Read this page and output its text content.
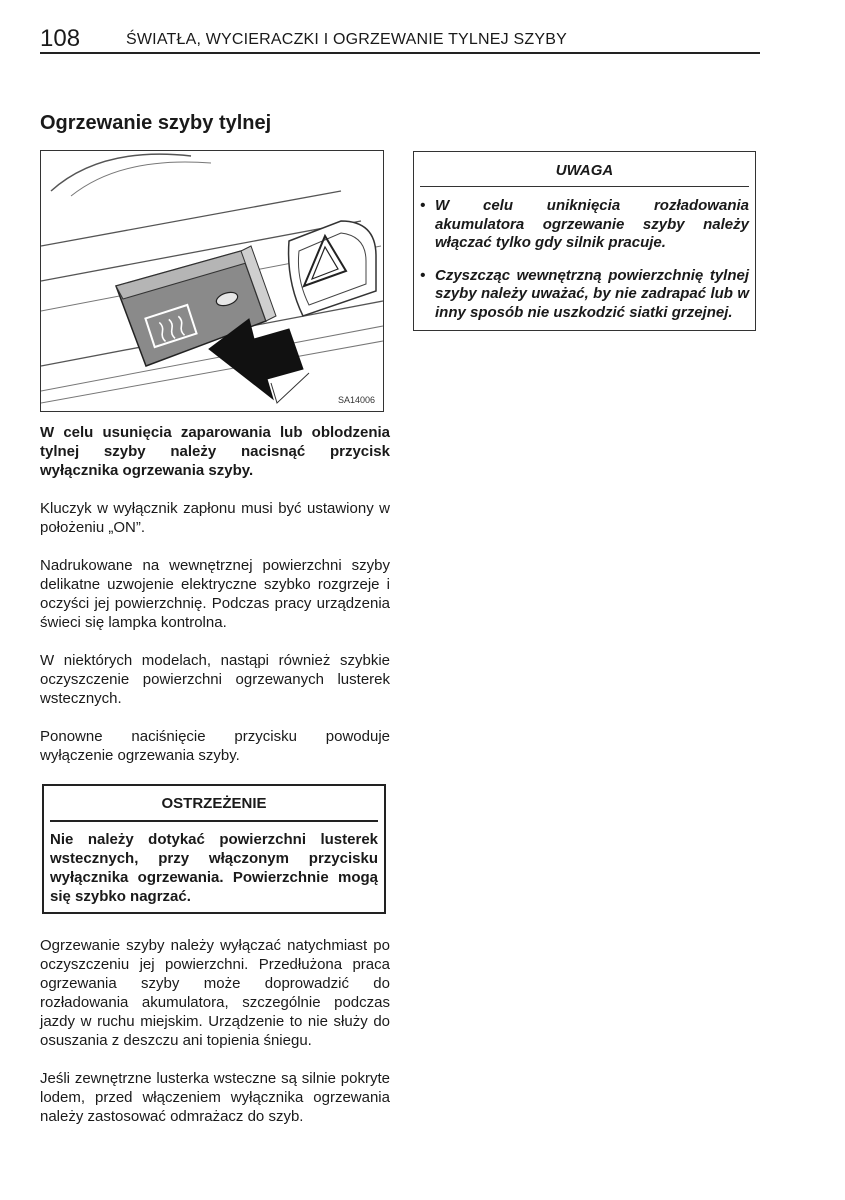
108	ŚWIATŁA, WYCIERACZKI I OGRZEWANIE TYLNEJ SZYBY
Ogrzewanie szyby tylnej
SA14006

W celu usunięcia zaparowania lub oblodzenia tylnej szyby należy nacisnąć przycisk wyłącznika ogrzewania szyby.

Kluczyk w wyłącznik zapłonu musi być ustawiony w położeniu „ON”.

Nadrukowane na wewnętrznej powierzchni szyby delikatne uzwojenie elektryczne szybko rozgrzeje i oczyści jej powierzchnię. Podczas pracy urządzenia świeci się lampka kontrolna.

W niektórych modelach, nastąpi również szybkie oczyszczenie powierzchni ogrzewanych lusterek wstecznych.

Ponowne naciśnięcie przycisku powoduje wyłączenie ogrzewania szyby.

OSTRZEŻENIE
Nie należy dotykać powierzchni lusterek wstecznych, przy włączonym przycisku wyłącznika ogrzewania. Powierzchnie mogą się szybko nagrzać.

Ogrzewanie szyby należy wyłączać natychmiast po oczyszczeniu jej powierzchni. Przedłużona praca ogrzewania szyby może doprowadzić do rozładowania akumulatora, szczególnie podczas jazdy w ruchu miejskim. Urządzenie to nie służy do osuszania z deszczu ani topienia śniegu.

Jeśli zewnętrzne lusterka wsteczne są silnie pokryte lodem, przed włączeniem wyłącznika ogrzewania należy zastosować odmrażacz do szyb.

UWAGA
• W celu uniknięcia rozładowania akumulatora ogrzewanie szyby należy włączać tylko gdy silnik pracuje.
• Czyszcząc wewnętrzną powierzchnię tylnej szyby należy uważać, by nie zadrapać lub w inny sposób nie uszkodzić siatki grzejnej.
